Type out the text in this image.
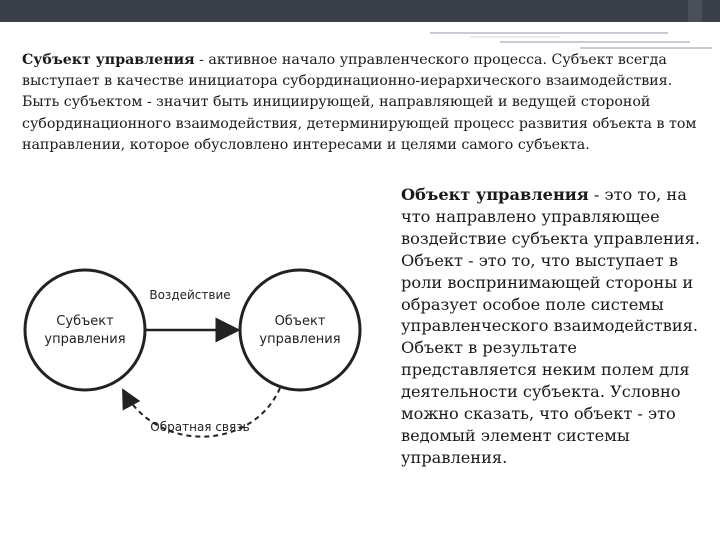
Субъект управления - активное начало управленческого процесса. Субъект всегда выступает в качестве инициатора субординационно-иерархического взаимодействия. Быть субъектом - значит быть инициирующей, направляющей и ведущей стороной субординационного взаимодействия, детерминирующей процесс развития объекта в том направлении, которое обусловлено интересами и целями самого субъекта.

Субъект
управления
Объект
управления
Воздействие
Обратная связь

Объект управления - это то, на что направлено управляющее воздействие субъекта управления. Объект - это то, что выступает в роли воспринимающей стороны и образует особое поле системы управленческого взаимодействия. Объект в результате представляется неким полем для деятельности субъекта. Условно можно сказать, что объект - это ведомый элемент системы управления.
